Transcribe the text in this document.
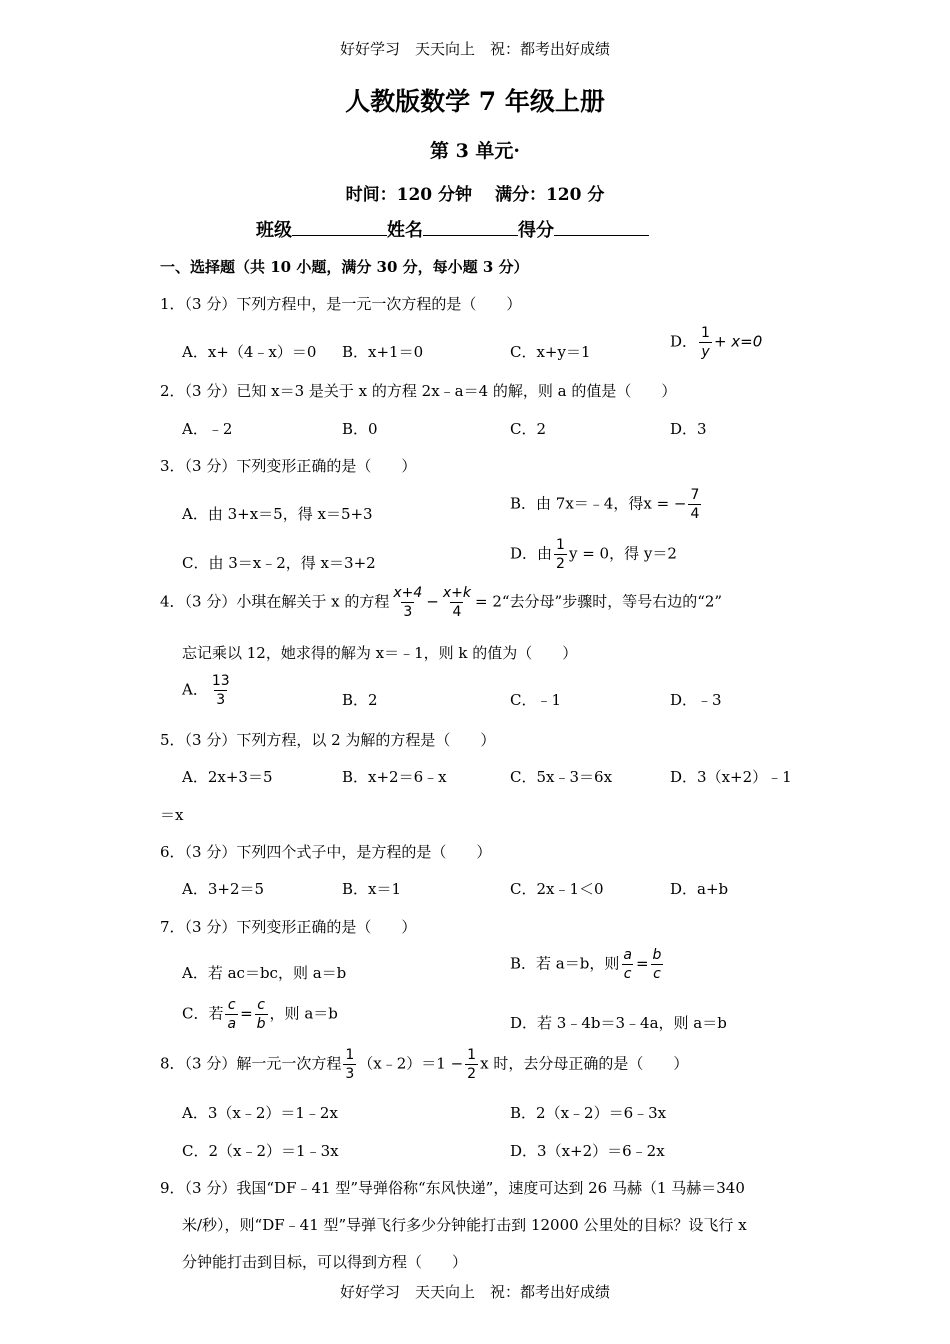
好好学习　天天向上　祝：都考出好成绩
人教版数学 7 年级上册
第 3 单元·
时间：120 分钟　 满分：120 分
班级	姓名	得分
一、选择题（共 10 小题，满分 30 分，每小题 3 分）
1．（3 分）下列方程中，是一元一次方程的是（　　）
A．x+（4﹣x）＝0 B．x+1＝0	C．x+y＝1
D． $\frac{1}{y} + x=0$
2．（3 分）已知 x＝3 是关于 x 的方程 2x﹣a＝4 的解，则 a 的值是（　　）
A．﹣2	B．0	C．2	D．3
3．（3 分）下列变形正确的是（　　）
A．由 3+x＝5，得 x＝5+3
B．由 7x＝﹣4，得x = − $\frac{7}{4}$
C．由 3＝x﹣2，得 x＝3+2
D．由 $\frac{1}{2}$ y = 0，得 y＝2
4．（3 分）小琪在解关于 x 的方程 $\frac{x+4}{3} - \frac{x+k}{4}$ = 2“去分母”步骤时，等号右边的“2”
忘记乘以 12，她求得的解为 x＝﹣1，则 k 的值为（　　）
A． $\frac{13}{3}$	B．2	C．﹣1	D．﹣3
5．（3 分）下列方程，以 2 为解的方程是（　　）
A．2x+3＝5	B．x+2＝6﹣x	C．5x﹣3＝6x	D．3（x+2）﹣1
＝x
6．（3 分）下列四个式子中，是方程的是（　　）
A．3+2＝5	B．x＝1	C．2x﹣1＜0	D．a+b
7．（3 分）下列变形正确的是（　　）
A．若 ac＝bc，则 a＝b
B．若 a＝b，则 $\frac{a}{c} = \frac{b}{c}$
C．若 $\frac{c}{a} = \frac{c}{b}$ ，则 a＝b
D．若 3﹣4b＝3﹣4a，则 a＝b
8．（3 分）解一元一次方程 $\frac{1}{3}$ （x﹣2）＝1 − $\frac{1}{2}$ x 时，去分母正确的是（　　）
A．3（x﹣2）＝1﹣2x	B．2（x﹣2）＝6﹣3x
C．2（x﹣2）＝1﹣3x	D．3（x+2）＝6﹣2x
9．（3 分）我国“DF﹣41 型”导弹俗称“东风快递”，速度可达到 26 马赫（1 马赫＝340
米/秒），则“DF﹣41 型”导弹飞行多少分钟能打击到 12000 公里处的目标？设飞行 x
分钟能打击到目标，可以得到方程（　　）
好好学习　天天向上　祝：都考出好成绩
